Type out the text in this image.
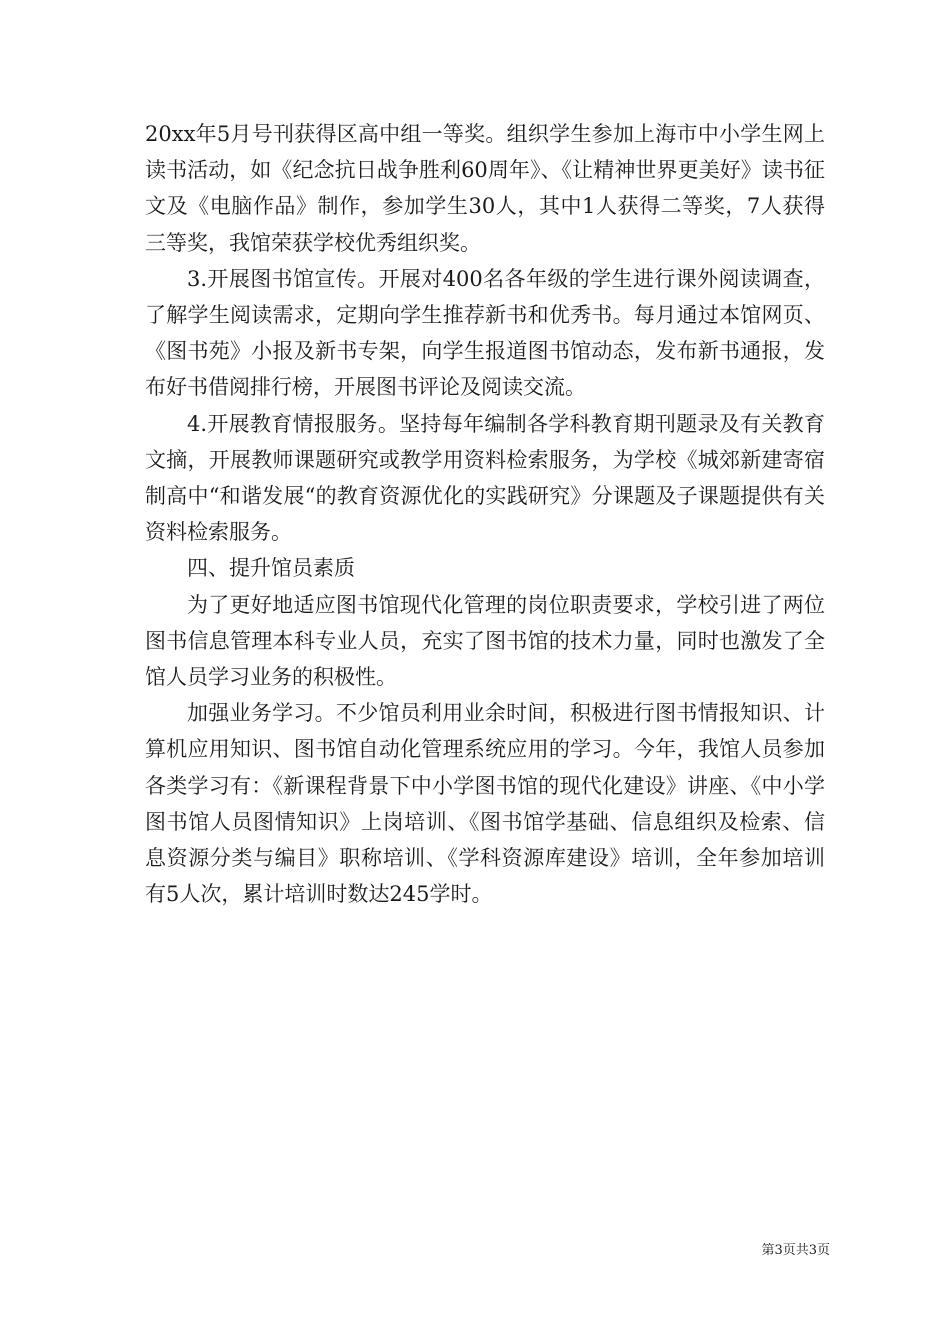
20xx年5月号刊获得区高中组一等奖。组织学生参加上海市中小学生网上读书活动，如《纪念抗日战争胜利60周年》、《让精神世界更美好》读书征文及《电脑作品》制作，参加学生30人，其中1人获得二等奖，7人获得三等奖，我馆荣获学校优秀组织奖。

3.开展图书馆宣传。开展对400名各年级的学生进行课外阅读调查，了解学生阅读需求，定期向学生推荐新书和优秀书。每月通过本馆网页、《图书苑》小报及新书专架，向学生报道图书馆动态，发布新书通报，发布好书借阅排行榜，开展图书评论及阅读交流。

4.开展教育情报服务。坚持每年编制各学科教育期刊题录及有关教育文摘，开展教师课题研究或教学用资料检索服务，为学校《城郊新建寄宿制高中“和谐发展“的教育资源优化的实践研究》分课题及子课题提供有关资料检索服务。

四、提升馆员素质

为了更好地适应图书馆现代化管理的岗位职责要求，学校引进了两位图书信息管理本科专业人员，充实了图书馆的技术力量，同时也激发了全馆人员学习业务的积极性。

加强业务学习。不少馆员利用业余时间，积极进行图书情报知识、计算机应用知识、图书馆自动化管理系统应用的学习。今年，我馆人员参加各类学习有：《新课程背景下中小学图书馆的现代化建设》讲座、《中小学图书馆人员图情知识》上岗培训、《图书馆学基础、信息组织及检索、信息资源分类与编目》职称培训、《学科资源库建设》培训，全年参加培训有5人次，累计培训时数达245学时。

第3页共3页
